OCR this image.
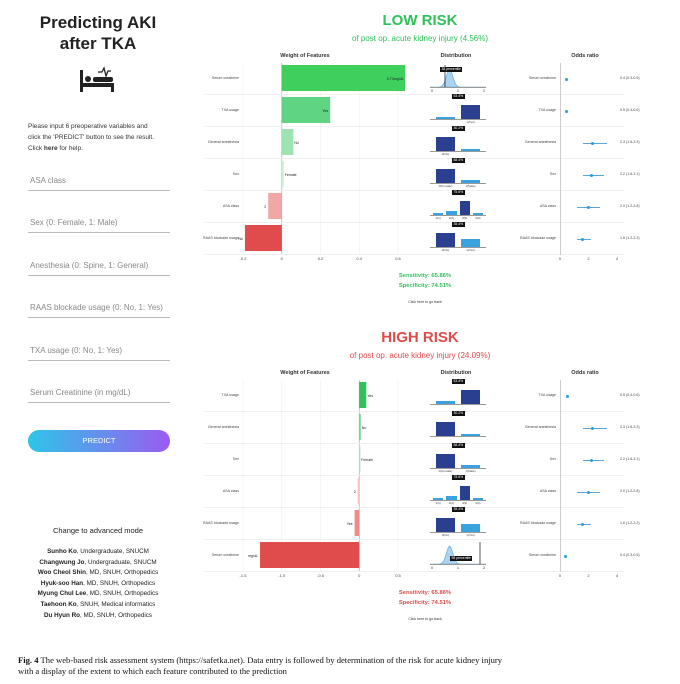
Predicting AKI
after TKA
Please input 6 preoperative variables and
click the 'PREDICT' button to see the result.
Click here for help.
ASA class
Sex (0: Female, 1: Male)
Anesthesia (0: Spine, 1: General)
RAAS blockade usage (0: No, 1: Yes)
TXA usage (0: No, 1: Yes)
Serum Creatinine (in mg/dL)
PREDICT
Change to advanced mode
Sunho Ko, Undergraduate, SNUCM
Changwung Jo, Undergraduate, SNUCM
Woo Cheol Shin, MD, SNUH, Orthopedics
Hyuk-soo Han, MD, SNUH, Orthopedics
Myung Chul Lee, MD, SNUH, Orthopedics
Taehoon Ko, SNUH, Medical informatics
Du Hyun Ro, MD, SNUH, Orthopedics
LOW RISK
of post op. acute kidney injury (4.56%)
Weight of Features	Distribution	Odds ratio
0.73mg/dL
Yes
No
Female
2
No
Serum creatinine
TXA usage
General anesthesia
Sex
ASA class
RAAS blockade usage
-0.2	0	0.2	0.4	0.6
38 percentile
0	1	2
1(Yes)
53.4%
0(No)
30.2%
0(Female)	1(Male)
88.4%
1(1)	2(2)	3(3)	4(4)
75.6%
0(No)	1(Yes)
35.4%
Serum creatinine	0.4 (0.3-0.5)
TXA usage	0.5 (0.4-0.6)
General anesthesia	2.3 (1.6-3.3)
Sex	2.2 (1.6-3.1)
ASA class	2.0 (1.2-2.8)
RAAS blockade usage	1.6 (1.2-2.2)
0	2	4
Sensitivity: 65.86%
Specificity: 74.51%
Click here to go back
HIGH RISK
of post op. acute kidney injury (24.09%)
Weight of Features	Distribution	Odds ratio
Yes
No
Female
2
Yes
mg/dL
TXA usage
General anesthesia
Sex
ASA class
RAAS blockade usage
Serum creatinine
-1.5	-1.0	-0.5	0	0.5
53.4%
30.2%
0(Female)	1(Male)
88.4%
1(1)	2(2)	3(3)	4(4)
75.6%
0(No)	1(Yes)
35.4%
98 percentile
0	1	2
TXA usage	0.5 (0.4-0.6)
General anesthesia	2.3 (1.6-3.3)
Sex	2.2 (1.6-3.1)
ASA class	2.0 (1.2-2.8)
RAAS blockade usage	1.6 (1.2-2.2)
Serum creatinine	0.4 (0.3-0.5)
0	2	4
Sensitivity: 65.86%
Specificity: 74.51%
Click here to go back
Fig. 4 The web-based risk assessment system (https://safetka.net). Data entry is followed by determination of the risk for acute kidney injury
with a display of the extent to which each feature contributed to the prediction
